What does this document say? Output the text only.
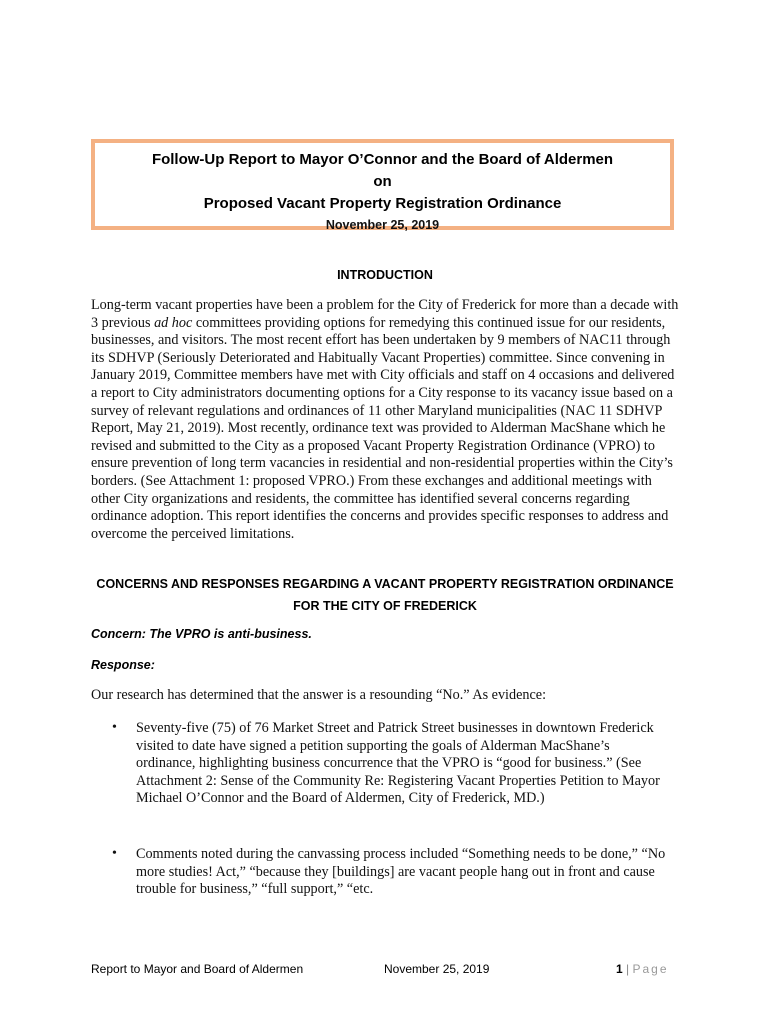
Follow-Up Report to Mayor O’Connor and the Board of Aldermen
on
Proposed Vacant Property Registration Ordinance
November 25, 2019
INTRODUCTION
Long-term vacant properties have been a problem for the City of Frederick for more than a decade with 3 previous ad hoc committees providing options for remedying this continued issue for our residents, businesses, and visitors. The most recent effort has been undertaken by 9 members of NAC11 through its SDHVP (Seriously Deteriorated and Habitually Vacant Properties) committee. Since convening in January 2019, Committee members have met with City officials and staff on 4 occasions and delivered a report to City administrators documenting options for a City response to its vacancy issue based on a survey of relevant regulations and ordinances of 11 other Maryland municipalities (NAC 11 SDHVP Report, May 21, 2019). Most recently, ordinance text was provided to Alderman MacShane which he revised and submitted to the City as a proposed Vacant Property Registration Ordinance (VPRO) to ensure prevention of long term vacancies in residential and non-residential properties within the City’s borders. (See Attachment 1: proposed VPRO.) From these exchanges and additional meetings with other City organizations and residents, the committee has identified several concerns regarding ordinance adoption. This report identifies the concerns and provides specific responses to address and overcome the perceived limitations.
CONCERNS AND RESPONSES REGARDING A VACANT PROPERTY REGISTRATION ORDINANCE
FOR THE CITY OF FREDERICK
Concern: The VPRO is anti-business.
Response:
Our research has determined that the answer is a resounding “No.” As evidence:
•	Seventy-five (75) of 76 Market Street and Patrick Street businesses in downtown Frederick visited to date have signed a petition supporting the goals of Alderman MacShane’s ordinance, highlighting business concurrence that the VPRO is “good for business.” (See Attachment 2: Sense of the Community Re: Registering Vacant Properties Petition to Mayor Michael O’Connor and the Board of Aldermen, City of Frederick, MD.)
•	Comments noted during the canvassing process included “Something needs to be done,” “No more studies! Act,” “because they [buildings] are vacant people hang out in front and cause trouble for business,” “full support,” “etc.
Report to Mayor and Board of Aldermen	November 25, 2019	1 | Page
